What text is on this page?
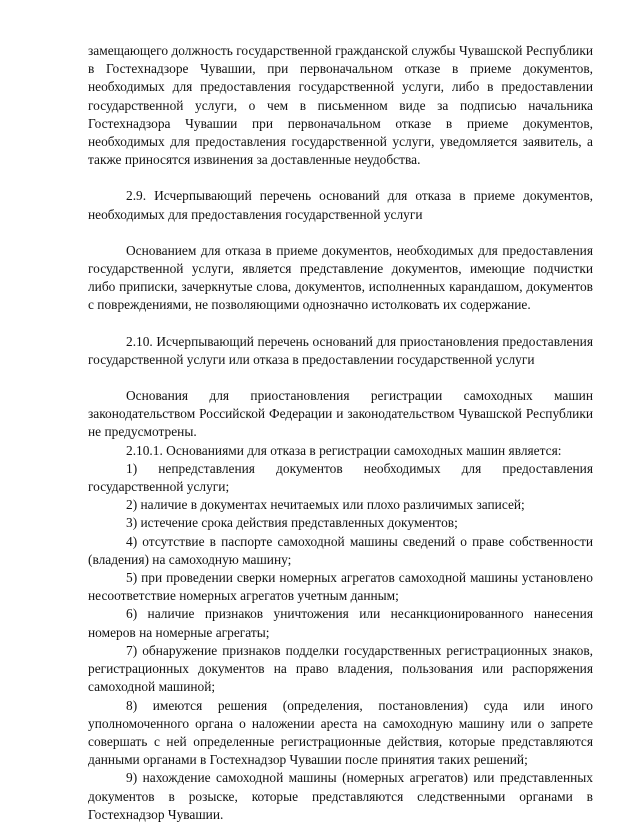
замещающего должность государственной гражданской службы Чувашской Республики в Гостехнадзоре Чувашии, при первоначальном отказе в приеме документов, необходимых для предоставления государственной услуги, либо в предоставлении государственной услуги, о чем в письменном виде за подписью начальника Гостехнадзора Чувашии при первоначальном отказе в приеме документов, необходимых для предоставления государственной услуги, уведомляется заявитель, а также приносятся извинения за доставленные неудобства.

2.9. Исчерпывающий перечень оснований для отказа в приеме документов, необходимых для предоставления государственной услуги

Основанием для отказа в приеме документов, необходимых для предоставления государственной услуги, является представление документов, имеющие подчистки либо приписки, зачеркнутые слова, документов, исполненных карандашом, документов с повреждениями, не позволяющими однозначно истолковать их содержание.

2.10. Исчерпывающий перечень оснований для приостановления предоставления государственной услуги или отказа в предоставлении государственной услуги

Основания для приостановления регистрации самоходных машин законодательством Российской Федерации и законодательством Чувашской Республики не предусмотрены.

2.10.1. Основаниями для отказа в регистрации самоходных машин является:

1) непредставления документов необходимых для предоставления государственной услуги;

2) наличие в документах нечитаемых или плохо различимых записей;

3) истечение срока действия представленных документов;

4) отсутствие в паспорте самоходной машины сведений о праве собственности (владения) на самоходную машину;

5) при проведении сверки номерных агрегатов самоходной машины установлено несоответствие номерных агрегатов учетным данным;

6) наличие признаков уничтожения или несанкционированного нанесения номеров на номерные агрегаты;

7) обнаружение признаков подделки государственных регистрационных знаков, регистрационных документов на право владения, пользования или распоряжения самоходной машиной;

8) имеются решения (определения, постановления) суда или иного уполномоченного органа о наложении ареста на самоходную машину или о запрете совершать с ней определенные регистрационные действия, которые представляются данными органами в Гостехнадзор Чувашии после принятия таких решений;

9) нахождение самоходной машины (номерных агрегатов) или представленных документов в розыске, которые представляются следственными органами в Гостехнадзор Чувашии.
